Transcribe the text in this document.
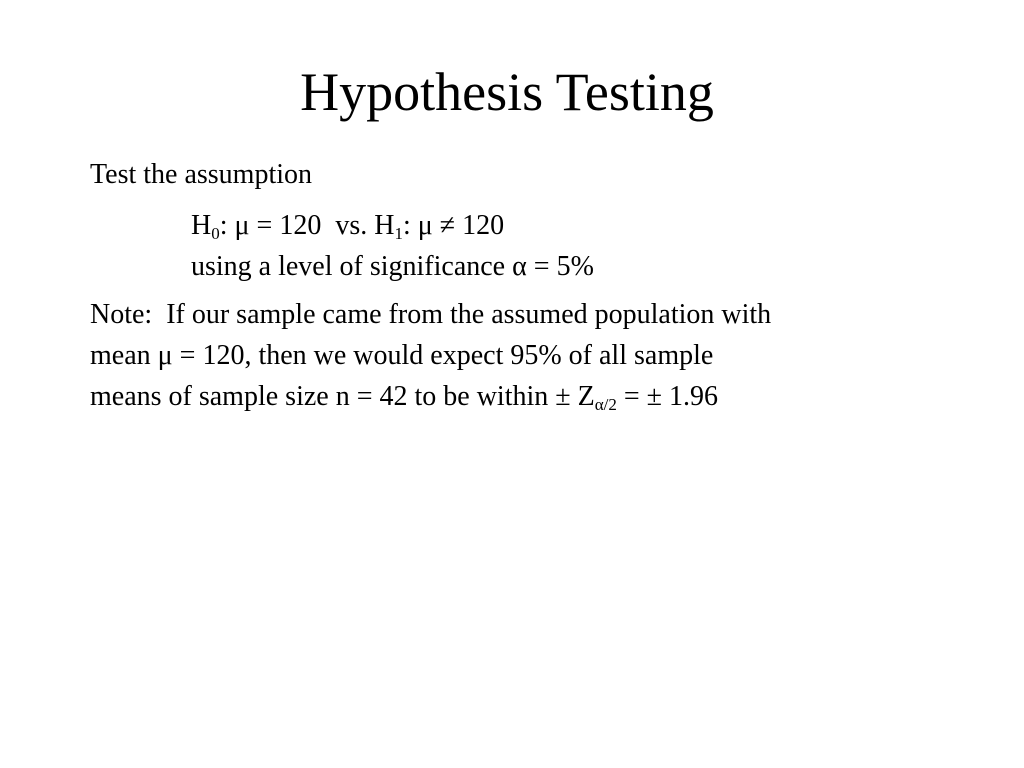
Hypothesis Testing
Test the assumption
$H_0$: μ = 120  vs. $H_1$: μ ≠ 120
using a level of significance α = 5%
Note:  If our sample came from the assumed population with
mean μ = 120, then we would expect 95% of all sample
means of sample size n = 42 to be within ± $Z_{\alpha/2}$ = ± 1.96
